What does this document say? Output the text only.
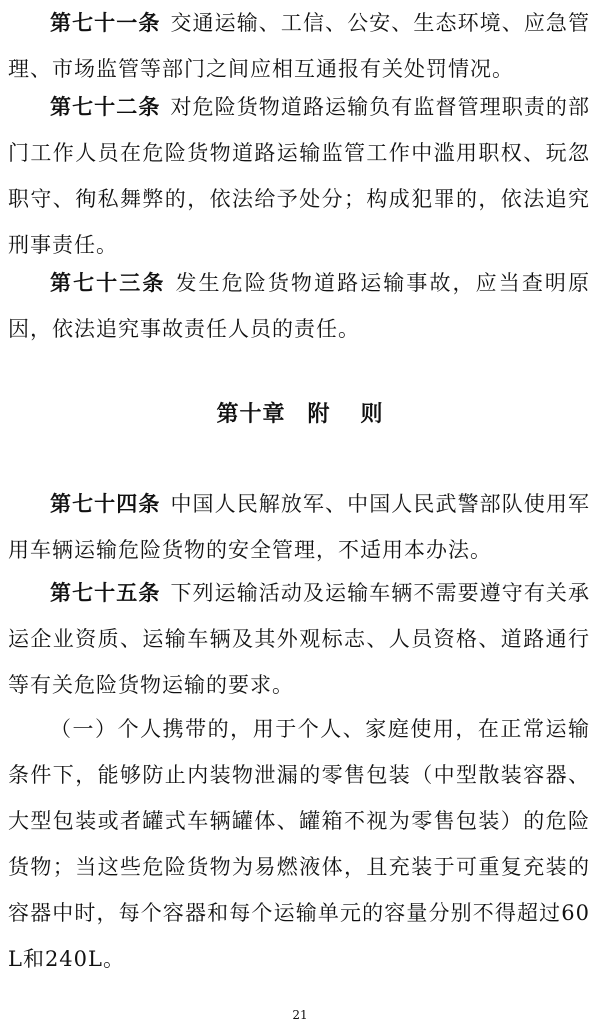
第七十一条 交通运输、工信、公安、生态环境、应急管理、市场监管等部门之间应相互通报有关处罚情况。

第七十二条 对危险货物道路运输负有监督管理职责的部门工作人员在危险货物道路运输监管工作中滥用职权、玩忽职守、徇私舞弊的，依法给予处分；构成犯罪的，依法追究刑事责任。

第七十三条 发生危险货物道路运输事故，应当查明原因，依法追究事故责任人员的责任。

第十章 附 则

第七十四条 中国人民解放军、中国人民武警部队使用军用车辆运输危险货物的安全管理，不适用本办法。

第七十五条 下列运输活动及运输车辆不需要遵守有关承运企业资质、运输车辆及其外观标志、人员资格、道路通行等有关危险货物运输的要求。

（一）个人携带的，用于个人、家庭使用，在正常运输条件下，能够防止内装物泄漏的零售包装（中型散装容器、大型包装或者罐式车辆罐体、罐箱不视为零售包装）的危险货物；当这些危险货物为易燃液体，且充装于可重复充装的容器中时，每个容器和每个运输单元的容量分别不得超过60L和240L。

21
